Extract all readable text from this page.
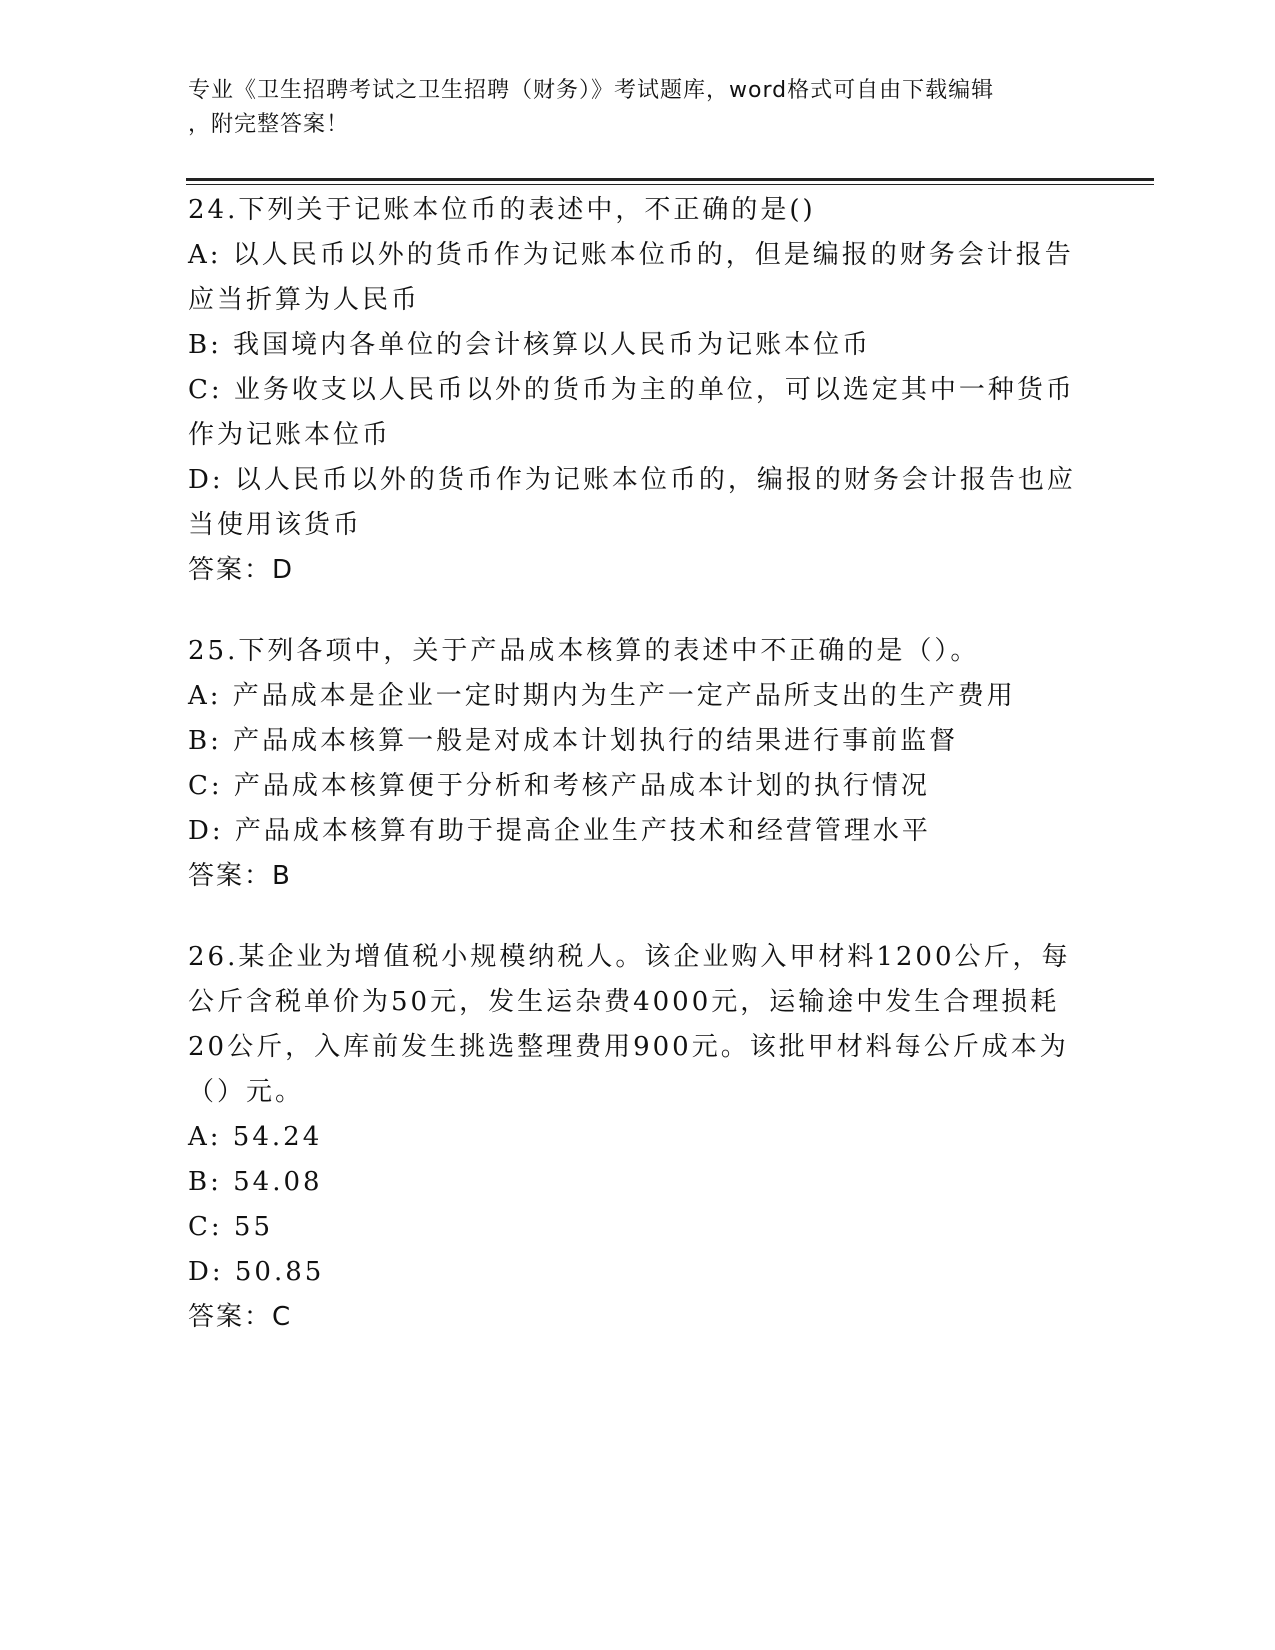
专业《卫生招聘考试之卫生招聘（财务）》考试题库，word格式可自由下载编辑
，附完整答案！
24.下列关于记账本位币的表述中，不正确的是()
A: 以人民币以外的货币作为记账本位币的，但是编报的财务会计报告
应当折算为人民币
B: 我国境内各单位的会计核算以人民币为记账本位币
C: 业务收支以人民币以外的货币为主的单位，可以选定其中一种货币
作为记账本位币
D: 以人民币以外的货币作为记账本位币的，编报的财务会计报告也应
当使用该货币
答案：D
25.下列各项中，关于产品成本核算的表述中不正确的是（）。
A: 产品成本是企业一定时期内为生产一定产品所支出的生产费用
B: 产品成本核算一般是对成本计划执行的结果进行事前监督
C: 产品成本核算便于分析和考核产品成本计划的执行情况
D: 产品成本核算有助于提高企业生产技术和经营管理水平
答案：B
26.某企业为增值税小规模纳税人。该企业购入甲材料1200公斤，每
公斤含税单价为50元，发生运杂费4000元，运输途中发生合理损耗
20公斤，入库前发生挑选整理费用900元。该批甲材料每公斤成本为
（）元。
A: 54.24
B: 54.08
C: 55
D: 50.85
答案：C
